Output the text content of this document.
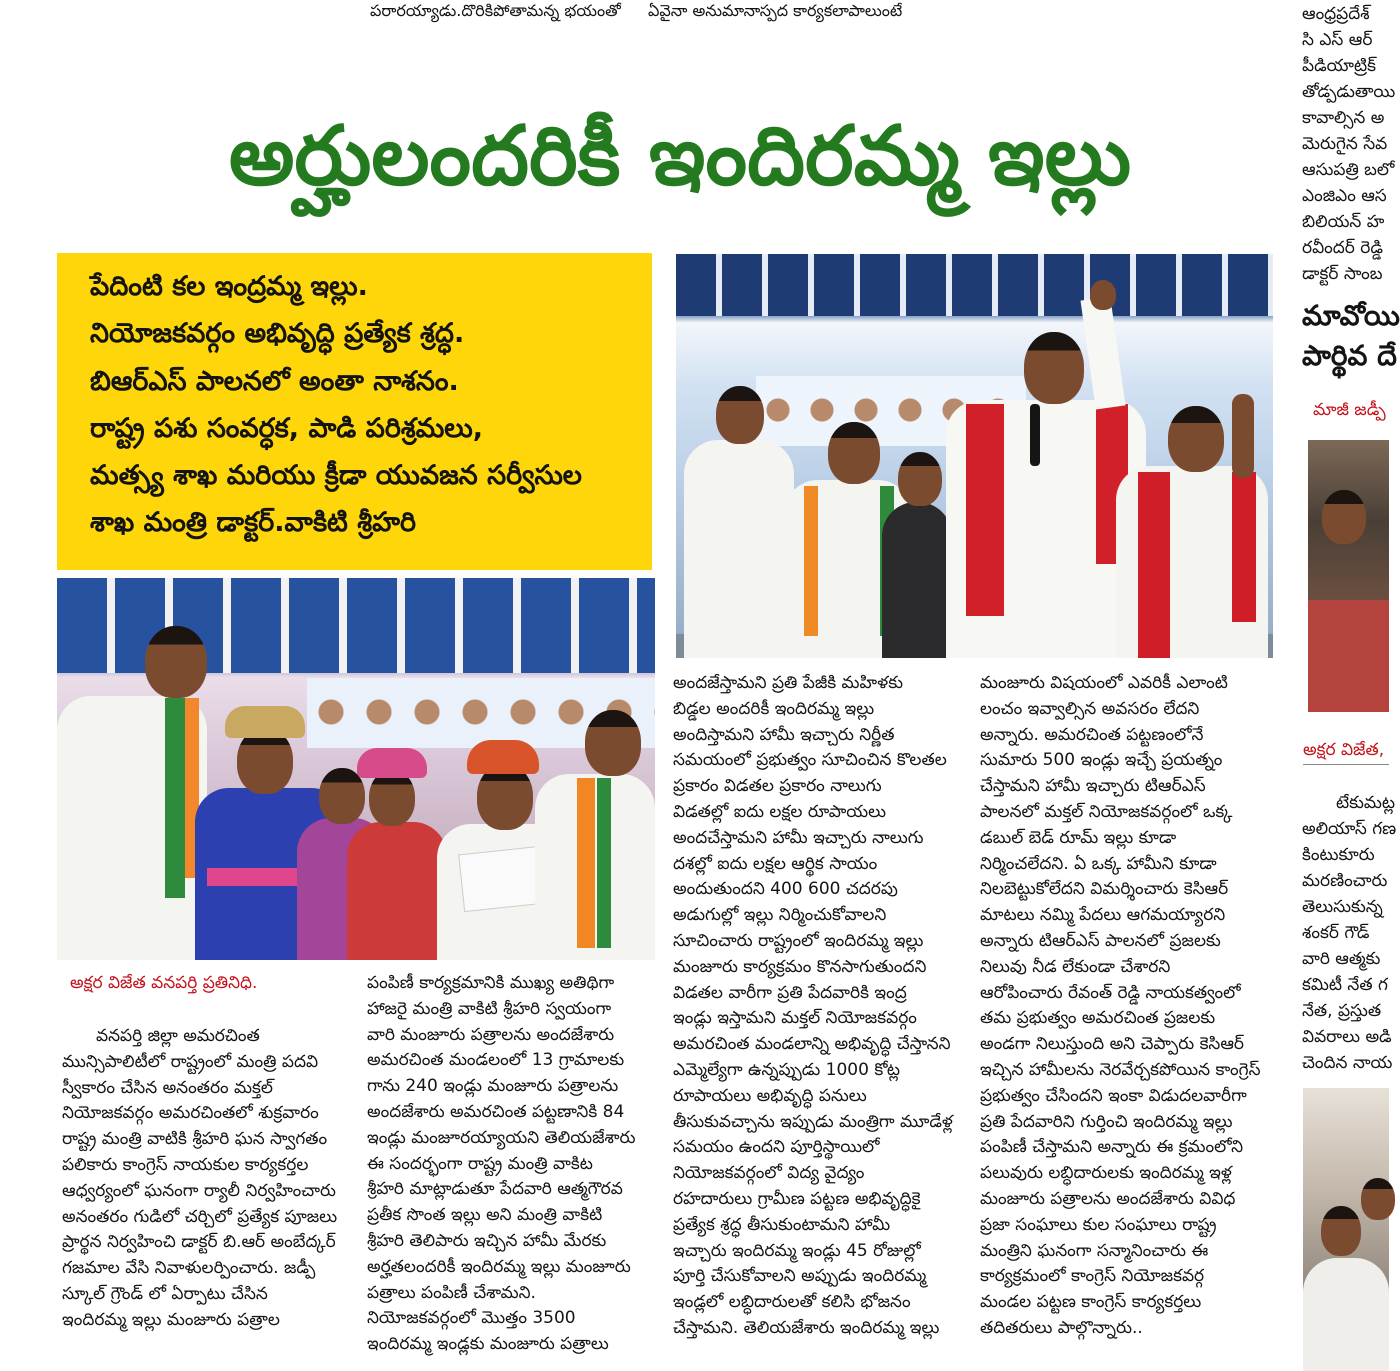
పరారయ్యాడు.దొరికిపోతామన్న భయంతో ఏవైనా అనుమానాస్పద కార్యకలాపాలుంటే
అర్హులందరికీ ఇందిరమ్మ ఇల్లు
పేదింటి కల ఇంద్రమ్మ ఇల్లు.
నియోజకవర్గం అభివృద్ధి ప్రత్యేక శ్రద్ధ.
బిఆర్ఎస్ పాలనలో అంతా నాశనం.
రాష్ట్ర పశు సంవర్ధక, పాడి పరిశ్రమలు,
మత్స్య శాఖ మరియు క్రీడా యువజన సర్వీసుల
శాఖ మంత్రి డాక్టర్.వాకిటి శ్రీహరి
అక్షర విజేత వనపర్తి ప్రతినిధి.
వనపర్తి జిల్లా అమరచింత
మున్సిపాలిటీలో రాష్ట్రంలో మంత్రి పదవి
స్వీకారం చేసిన అనంతరం మక్తల్
నియోజకవర్గం అమరచింతలో శుక్రవారం
రాష్ట్ర మంత్రి వాటికి శ్రీహరి ఘన స్వాగతం
పలికారు కాంగ్రెస్ నాయకుల కార్యకర్తల
ఆధ్వర్యంలో ఘనంగా ర్యాలీ నిర్వహించారు
అనంతరం గుడిలో చర్చిలో ప్రత్యేక పూజలు
ప్రార్థన నిర్వహించి డాక్టర్ బి.ఆర్ అంబేద్కర్
గజమాల వేసి నివాళులర్పించారు. జడ్పీ
స్కూల్ గ్రౌండ్ లో ఏర్పాటు చేసిన
ఇందిరమ్మ ఇల్లు మంజూరు పత్రాల
పంపిణీ కార్యక్రమానికి ముఖ్య అతిథిగా
హాజరై మంత్రి వాకిటి శ్రీహరి స్వయంగా
వారి మంజూరు పత్రాలను అందజేశారు
అమరచింత మండలంలో 13 గ్రామాలకు
గాను 240 ఇండ్లు మంజూరు పత్రాలను
అందజేశారు అమరచింత పట్టణానికి 84
ఇండ్లు మంజూరయ్యాయని తెలియజేశారు
ఈ సందర్భంగా రాష్ట్ర మంత్రి వాకిట
శ్రీహరి మాట్లాడుతూ పేదవారి ఆత్మగౌరవ
ప్రతీక సొంత ఇల్లు అని మంత్రి వాకిటి
శ్రీహరి తెలిపారు ఇచ్చిన హామీ మేరకు
అర్హతలందరికీ ఇందిరమ్మ ఇల్లు మంజూరు
పత్రాలు పంపిణీ చేశామని.
నియోజకవర్గంలో మొత్తం 3500
ఇందిరమ్మ ఇండ్లకు మంజూరు పత్రాలు
అందజేస్తామని ప్రతి పేజీకి మహిళకు
బిడ్డల అందరికీ ఇందిరమ్మ ఇల్లు
అందిస్తామని హామీ ఇచ్చారు నిర్ణీత
సమయంలో ప్రభుత్వం సూచించిన కొలతల
ప్రకారం విడతల ప్రకారం నాలుగు
విడతల్లో ఐదు లక్షల రూపాయలు
అందచేస్తామని హామీ ఇచ్చారు నాలుగు
దశల్లో ఐదు లక్షల ఆర్థిక సాయం
అందుతుందని 400 600 చదరపు
అడుగుల్లో ఇల్లు నిర్మించుకోవాలని
సూచించారు రాష్ట్రంలో ఇందిరమ్మ ఇల్లు
మంజూరు కార్యక్రమం కొనసాగుతుందని
విడతల వారీగా ప్రతి పేదవారికి ఇంద్ర
ఇండ్లు ఇస్తామని మక్తల్ నియోజకవర్గం
అమరచింత మండలాన్ని అభివృద్ధి చేస్తానని
ఎమ్మెల్యేగా ఉన్నప్పుడు 1000 కోట్ల
రూపాయలు అభివృద్ధి పనులు
తీసుకువచ్చాను ఇప్పుడు మంత్రిగా మూడేళ్ల
సమయం ఉందని పూర్తిస్థాయిలో
నియోజకవర్గంలో విద్య వైద్యం
రహదారులు గ్రామీణ పట్టణ అభివృద్ధికై
ప్రత్యేక శ్రద్ధ తీసుకుంటామని హామీ
ఇచ్చారు ఇందిరమ్మ ఇండ్లు 45 రోజుల్లో
పూర్తి చేసుకోవాలని అప్పుడు ఇందిరమ్మ
ఇండ్లలో లబ్ధిదారులతో కలిసి భోజనం
చేస్తామని. తెలియజేశారు ఇందిరమ్మ ఇల్లు
మంజూరు విషయంలో ఎవరికీ ఎలాంటి
లంచం ఇవ్వాల్సిన అవసరం లేదని
అన్నారు. అమరచింత పట్టణంలోనే
సుమారు 500 ఇండ్లు ఇచ్చే ప్రయత్నం
చేస్తామని హామీ ఇచ్చారు టిఆర్ఎస్
పాలనలో మక్తల్ నియోజకవర్గంలో ఒక్క
డబుల్ బెడ్ రూమ్ ఇల్లు కూడా
నిర్మించలేదని. ఏ ఒక్క హామీని కూడా
నిలబెట్టుకోలేదని విమర్శించారు కెసిఆర్
మాటలు నమ్మి పేదలు ఆగమయ్యారని
అన్నారు టిఆర్ఎస్ పాలనలో ప్రజలకు
నిలువు నీడ లేకుండా చేశారని
ఆరోపించారు రేవంత్ రెడ్డి నాయకత్వంలో
తమ ప్రభుత్వం అమరచింత ప్రజలకు
అండగా నిలుస్తుంది అని చెప్పారు కెసిఆర్
ఇచ్చిన హామీలను నెరవేర్చకపోయిన కాంగ్రెస్
ప్రభుత్వం చేసిందని ఇంకా విడుదలవారీగా
ప్రతి పేదవారిని గుర్తించి ఇందిరమ్మ ఇల్లు
పంపిణీ చేస్తామని అన్నారు ఈ క్రమంలోని
పలువురు లబ్ధిదారులకు ఇందిరమ్మ ఇళ్ల
మంజూరు పత్రాలను అందజేశారు వివిధ
ప్రజా సంఘాలు కుల సంఘాలు రాష్ట్ర
మంత్రిని ఘనంగా సన్మానించారు ఈ
కార్యక్రమంలో కాంగ్రెస్ నియోజకవర్గ
మండల పట్టణ కాంగ్రెస్ కార్యకర్తలు
తదితరులు పాల్గొన్నారు..
ఆంధ్రప్రదేశ్
సి ఎస్ ఆర్
పీడియాట్రిక్
తోడ్పడుతాయి
కావాల్సిన అ
మెరుగైన సేవ
ఆసుపత్రి బలో
ఎంజిఎం ఆస
బిలియన్ హ
రవీందర్ రెడ్డి
డాక్టర్ సాంబ
మావోయి
పార్థివ దే
మాజీ జడ్పీ
అక్షర విజేత,
టేకుమట్ల
అలియాస్ గణ
కింటుకూరు
మరణించారు
తెలుసుకున్న
శంకర్ గౌడ్
వారి ఆత్మకు
కమిటీ నేత గ
నేత, ప్రస్తుత
వివరాలు అడి
చెందిన నాయ
